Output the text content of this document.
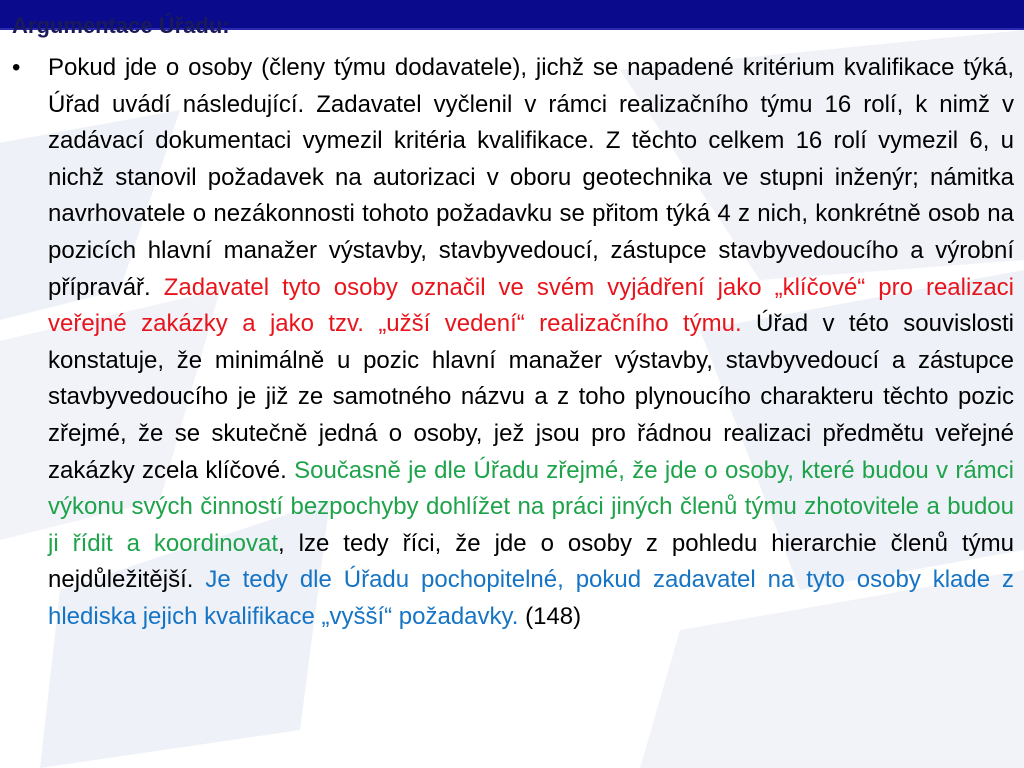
Argumentace Úřadu:
•	Pokud jde o osoby (členy týmu dodavatele), jichž se napadené kritérium kvalifikace týká, Úřad uvádí následující. Zadavatel vyčlenil v rámci realizačního týmu 16 rolí, k nimž v zadávací dokumentaci vymezil kritéria kvalifikace. Z těchto celkem 16 rolí vymezil 6, u nichž stanovil požadavek na autorizaci v oboru geotechnika ve stupni inženýr; námitka navrhovatele o nezákonnosti tohoto požadavku se přitom týká 4 z nich, konkrétně osob na pozicích hlavní manažer výstavby, stavbyvedoucí, zástupce stavbyvedoucího a výrobní přípravář. Zadavatel tyto osoby označil ve svém vyjádření jako „klíčové“ pro realizaci veřejné zakázky a jako tzv. „užší vedení“ realizačního týmu. Úřad v této souvislosti konstatuje, že minimálně u pozic hlavní manažer výstavby, stavbyvedoucí a zástupce stavbyvedoucího je již ze samotného názvu a z toho plynoucího charakteru těchto pozic zřejmé, že se skutečně jedná o osoby, jež jsou pro řádnou realizaci předmětu veřejné zakázky zcela klíčové. Současně je dle Úřadu zřejmé, že jde o osoby, které budou v rámci výkonu svých činností bezpochyby dohlížet na práci jiných členů týmu zhotovitele a budou ji řídit a koordinovat, lze tedy říci, že jde o osoby z pohledu hierarchie členů týmu nejdůležitější. Je tedy dle Úřadu pochopitelné, pokud zadavatel na tyto osoby klade z hlediska jejich kvalifikace „vyšší“ požadavky. (148)
